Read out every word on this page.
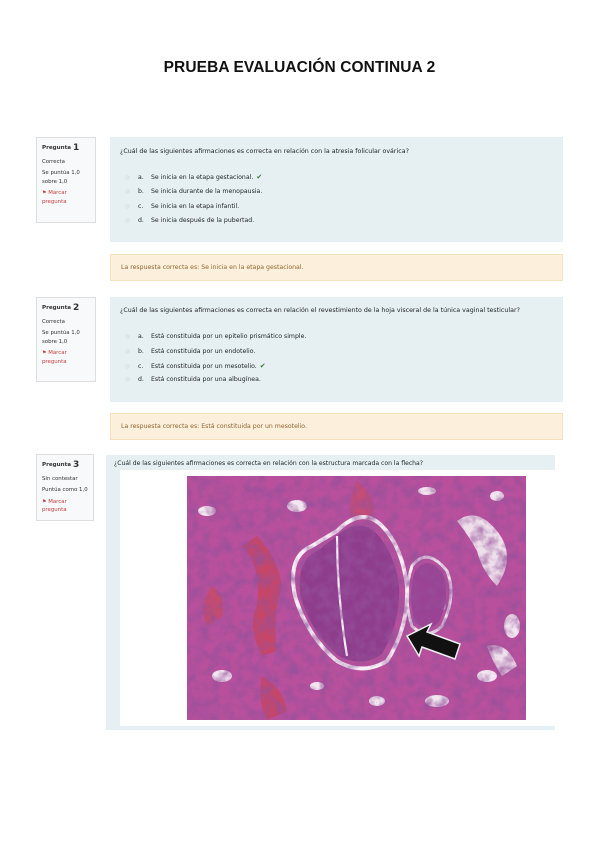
PRUEBA EVALUACIÓN CONTINUA 2
Pregunta 1
Correcta
Se puntúa 1,0
sobre 1,0
⚑ Marcar
pregunta
¿Cuál de las siguientes afirmaciones es correcta en relación con la atresia folicular ovárica?
a.	Se inicia en la etapa gestacional. ✔
b.	Se inicia durante de la menopausia.
c.	Se inicia en la etapa infantil.
d.	Se inicia después de la pubertad.
La respuesta correcta es: Se inicia en la etapa gestacional.
Pregunta 2
Correcta
Se puntúa 1,0
sobre 1,0
⚑ Marcar
pregunta
¿Cuál de las siguientes afirmaciones es correcta en relación el revestimiento de la hoja visceral de la túnica vaginal testicular?
a.	Está constituida por un epitelio prismático simple.
b.	Está constituida por un endotelio.
c.	Está constituida por un mesotelio. ✔
d.	Está constituida por una albugínea.
La respuesta correcta es: Está constituida por un mesotelio.
Pregunta 3
Sin contestar
Puntúa como 1,0
⚑ Marcar
pregunta
¿Cuál de las siguientes afirmaciones es correcta en relación con la estructura marcada con la flecha?
